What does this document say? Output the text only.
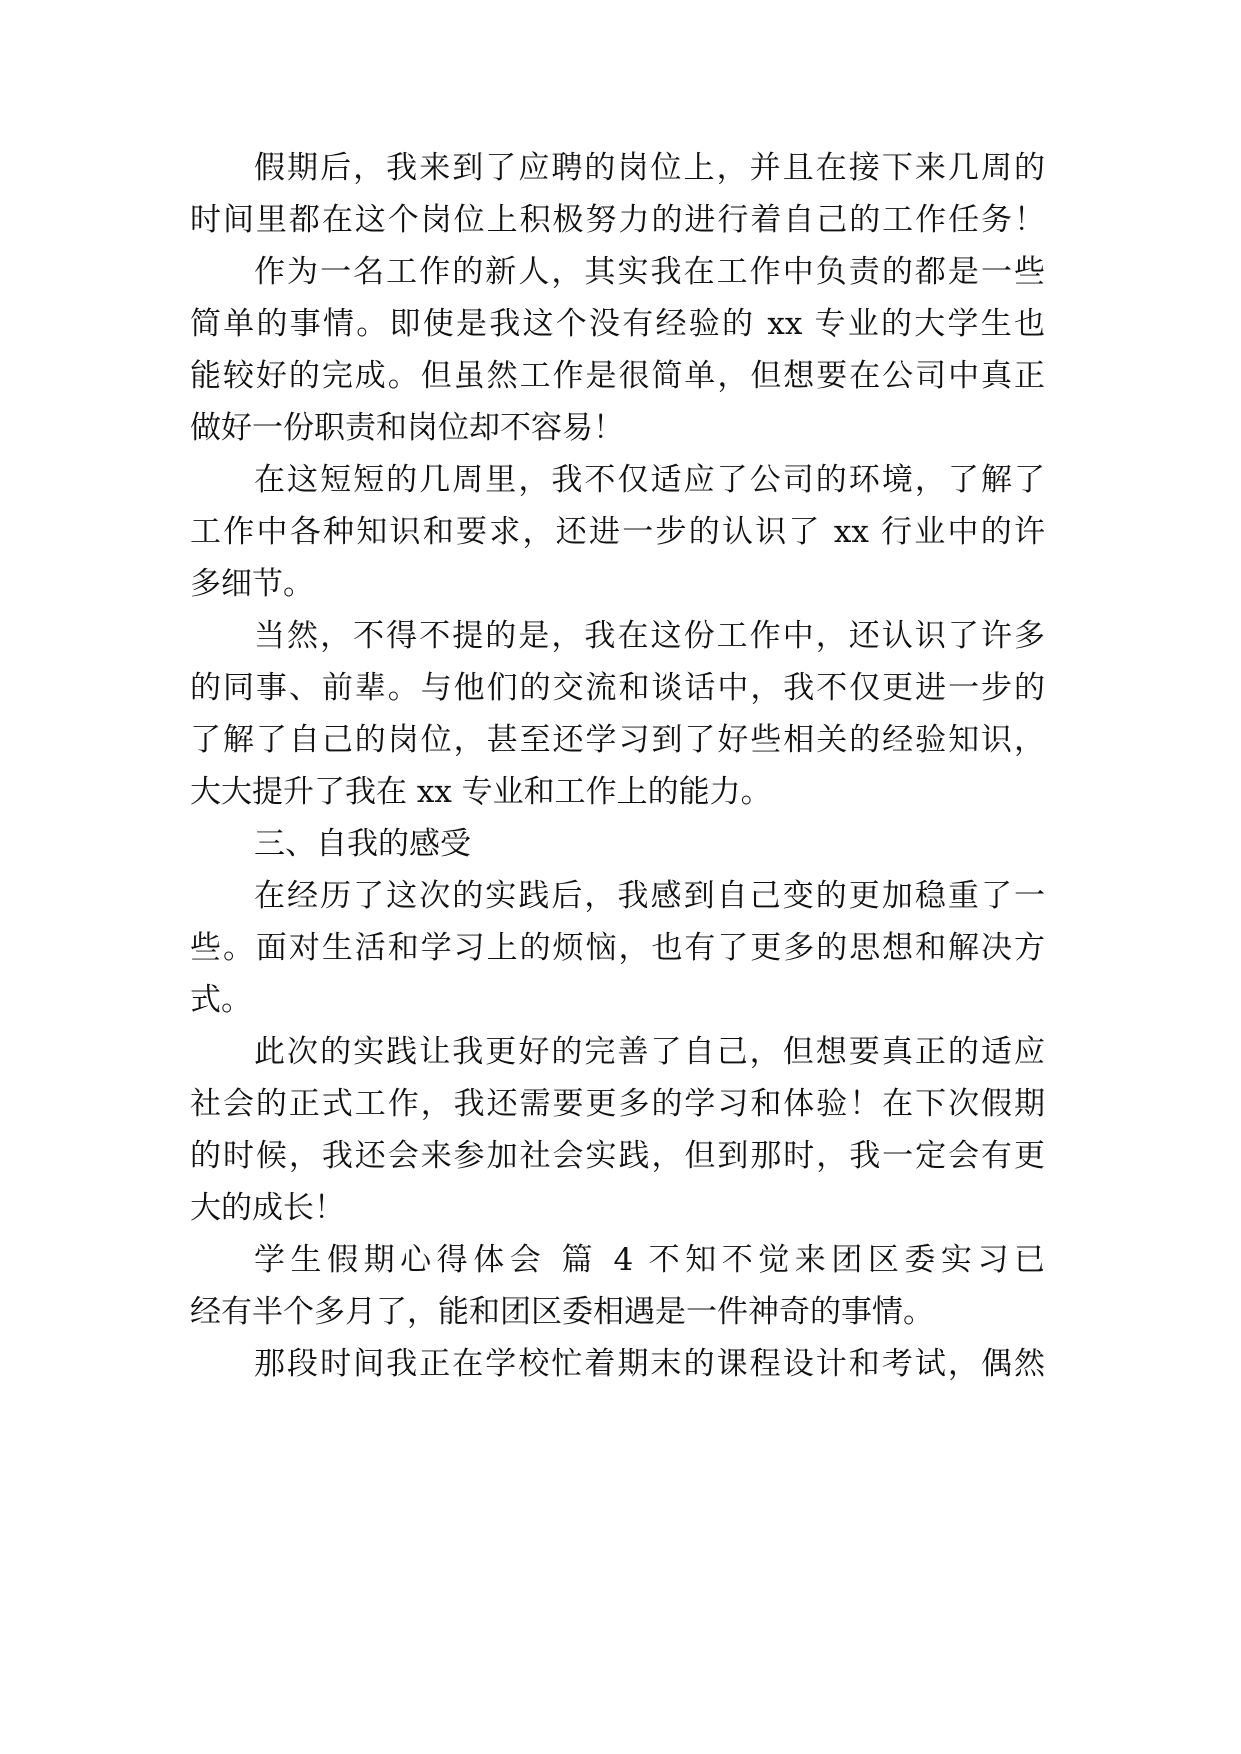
假期后，我来到了应聘的岗位上，并且在接下来几周的
时间里都在这个岗位上积极努力的进行着自己的工作任务！
作为一名工作的新人，其实我在工作中负责的都是一些
简单的事情。即使是我这个没有经验的 xx 专业的大学生也
能较好的完成。但虽然工作是很简单，但想要在公司中真正
做好一份职责和岗位却不容易！
在这短短的几周里，我不仅适应了公司的环境，了解了
工作中各种知识和要求，还进一步的认识了 xx 行业中的许
多细节。
当然，不得不提的是，我在这份工作中，还认识了许多
的同事、前辈。与他们的交流和谈话中，我不仅更进一步的
了解了自己的岗位，甚至还学习到了好些相关的经验知识，
大大提升了我在 xx 专业和工作上的能力。
三、自我的感受
在经历了这次的实践后，我感到自己变的更加稳重了一
些。面对生活和学习上的烦恼，也有了更多的思想和解决方
式。
此次的实践让我更好的完善了自己，但想要真正的适应
社会的正式工作，我还需要更多的学习和体验！在下次假期
的时候，我还会来参加社会实践，但到那时，我一定会有更
大的成长！
学生假期心得体会 篇 4 不知不觉来团区委实习已
经有半个多月了，能和团区委相遇是一件神奇的事情。
那段时间我正在学校忙着期末的课程设计和考试，偶然
